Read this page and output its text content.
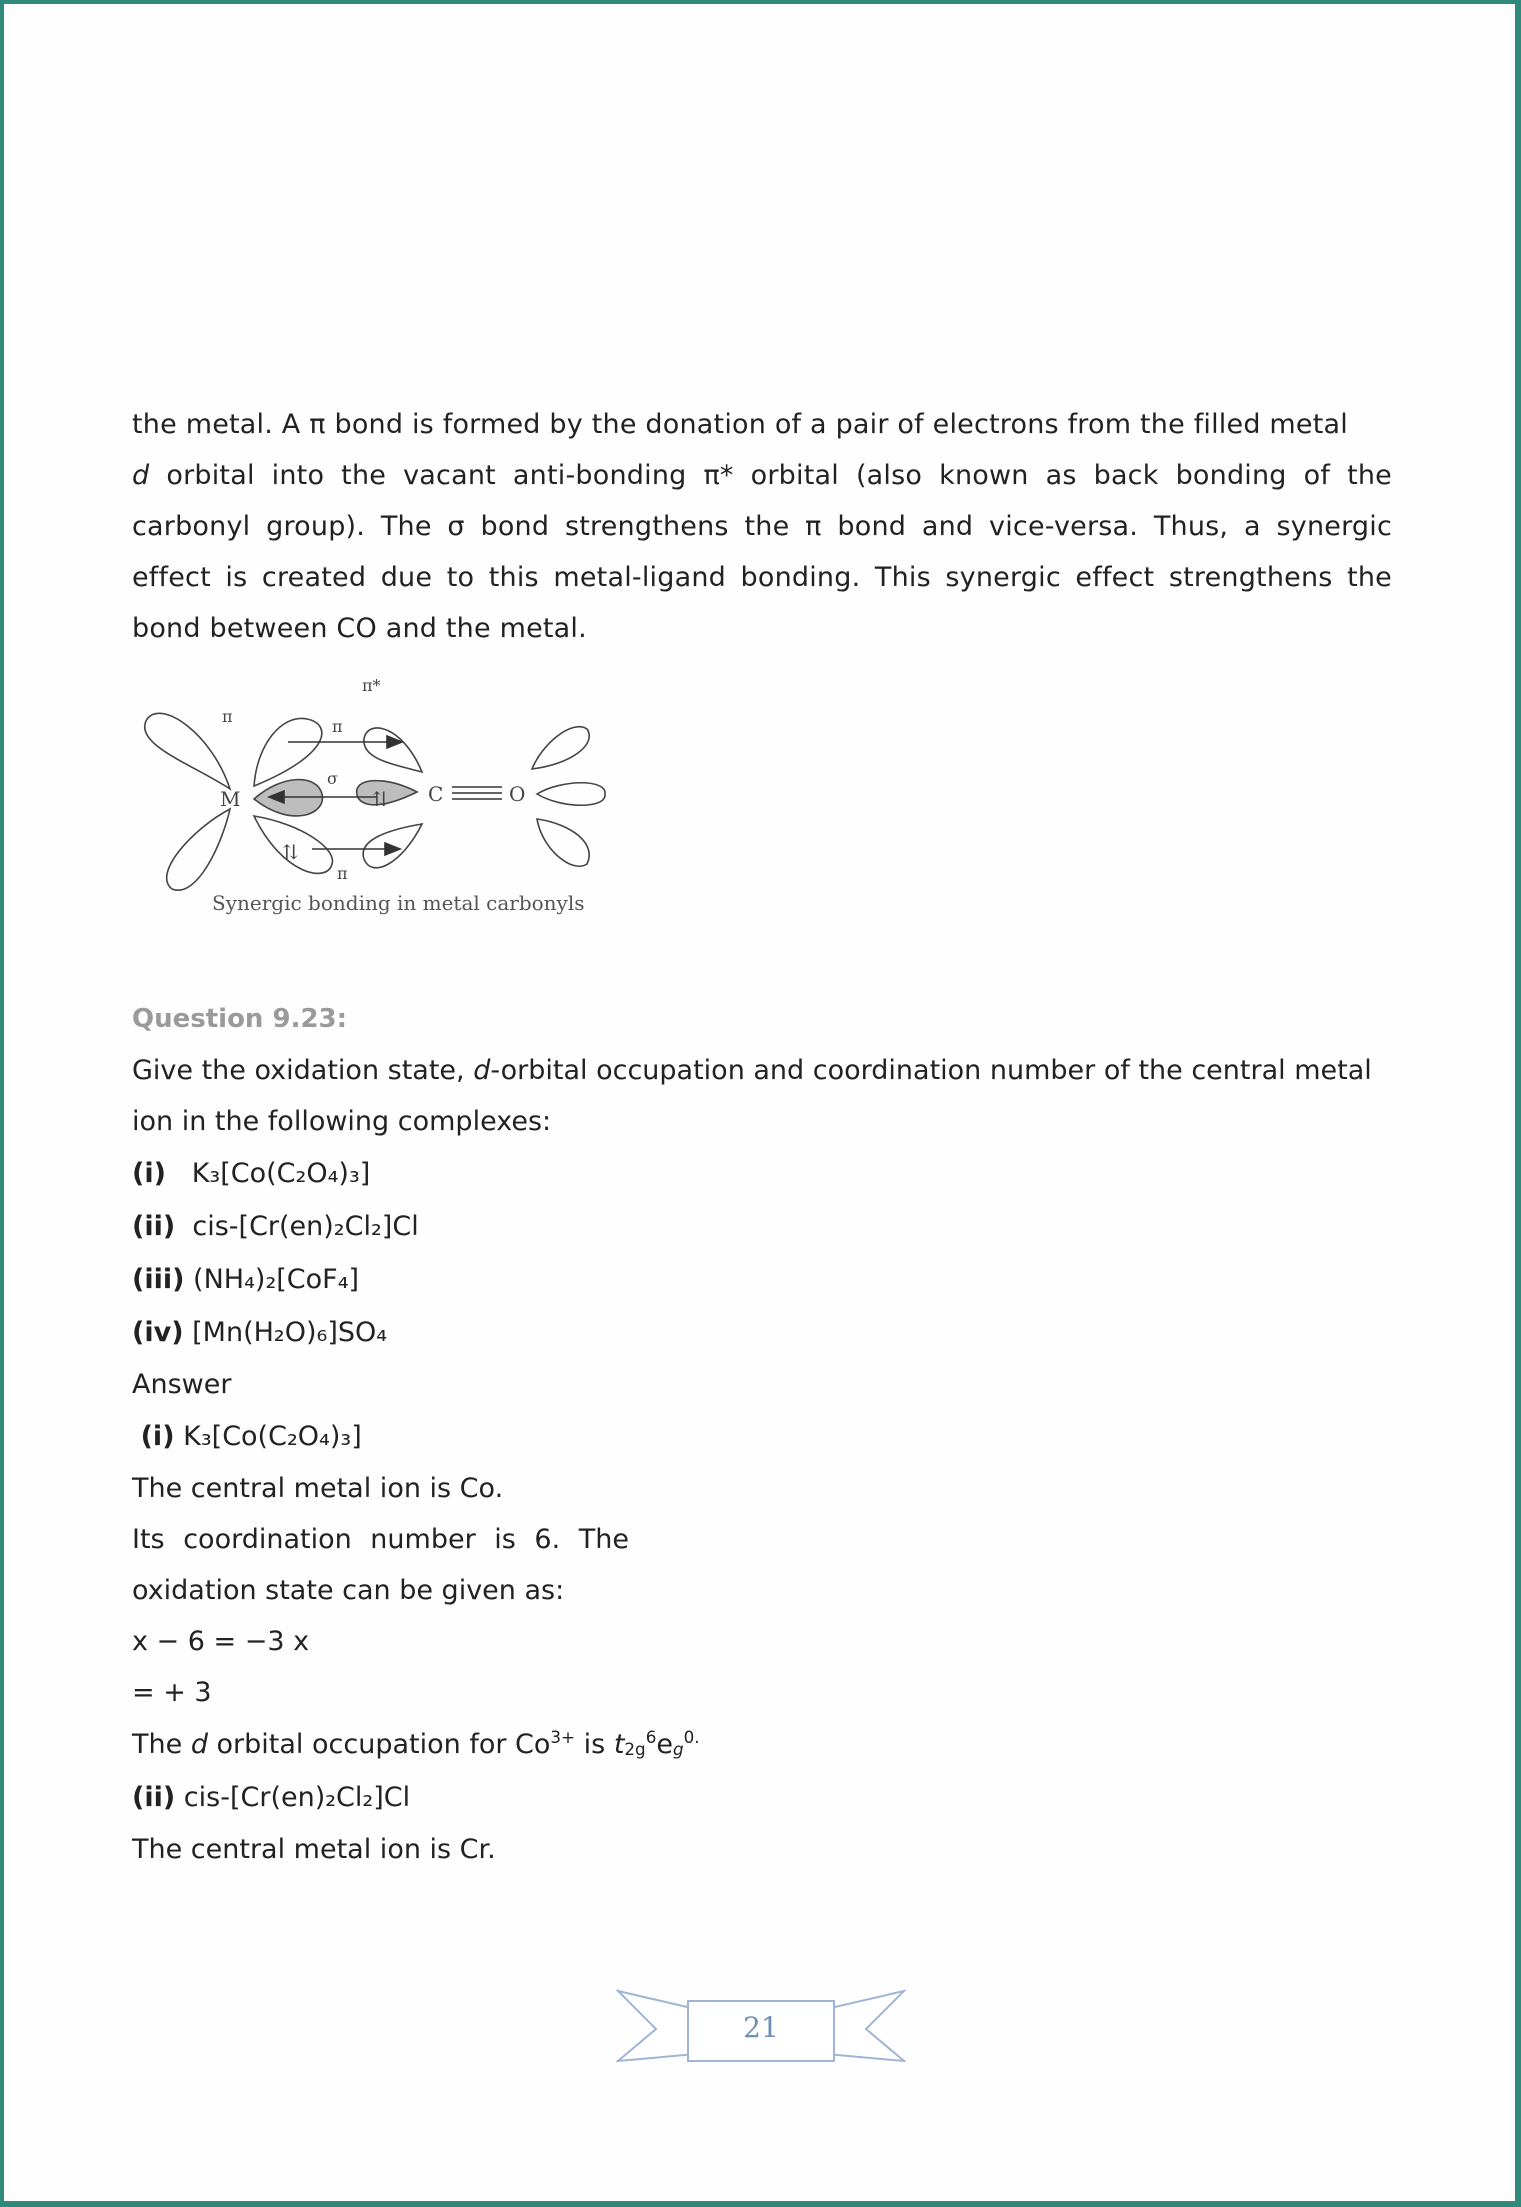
the metal. A π bond is formed by the donation of a pair of electrons from the filled metal

d orbital into the vacant anti-bonding π* orbital (also known as back bonding of the

carbonyl group). The σ bond strengthens the π bond and vice-versa. Thus, a synergic

effect is created due to this metal-ligand bonding. This synergic effect strengthens the

bond between CO and the metal.

M	C	O
π
π
π*
σ
π
⇅
⇅
Synergic bonding in metal carbonyls
Question 9.23:

Give the oxidation state, d-orbital occupation and coordination number of the central metal

ion in the following complexes:

(i) K₃[Co(C₂O₄)₃]

(ii) cis-[Cr(en)₂Cl₂]Cl

(iii) (NH₄)₂[CoF₄]

(iv) [Mn(H₂O)₆]SO₄

Answer

(i) K₃[Co(C₂O₄)₃]

The central metal ion is Co.

Its coordination number is 6. The

oxidation state can be given as:

x − 6 = −3 x

= + 3

The d orbital occupation for $Co^{3+}$ is $t_{2g}^6e_g^{0.}$

(ii) cis-[Cr(en)₂Cl₂]Cl

The central metal ion is Cr.

21
